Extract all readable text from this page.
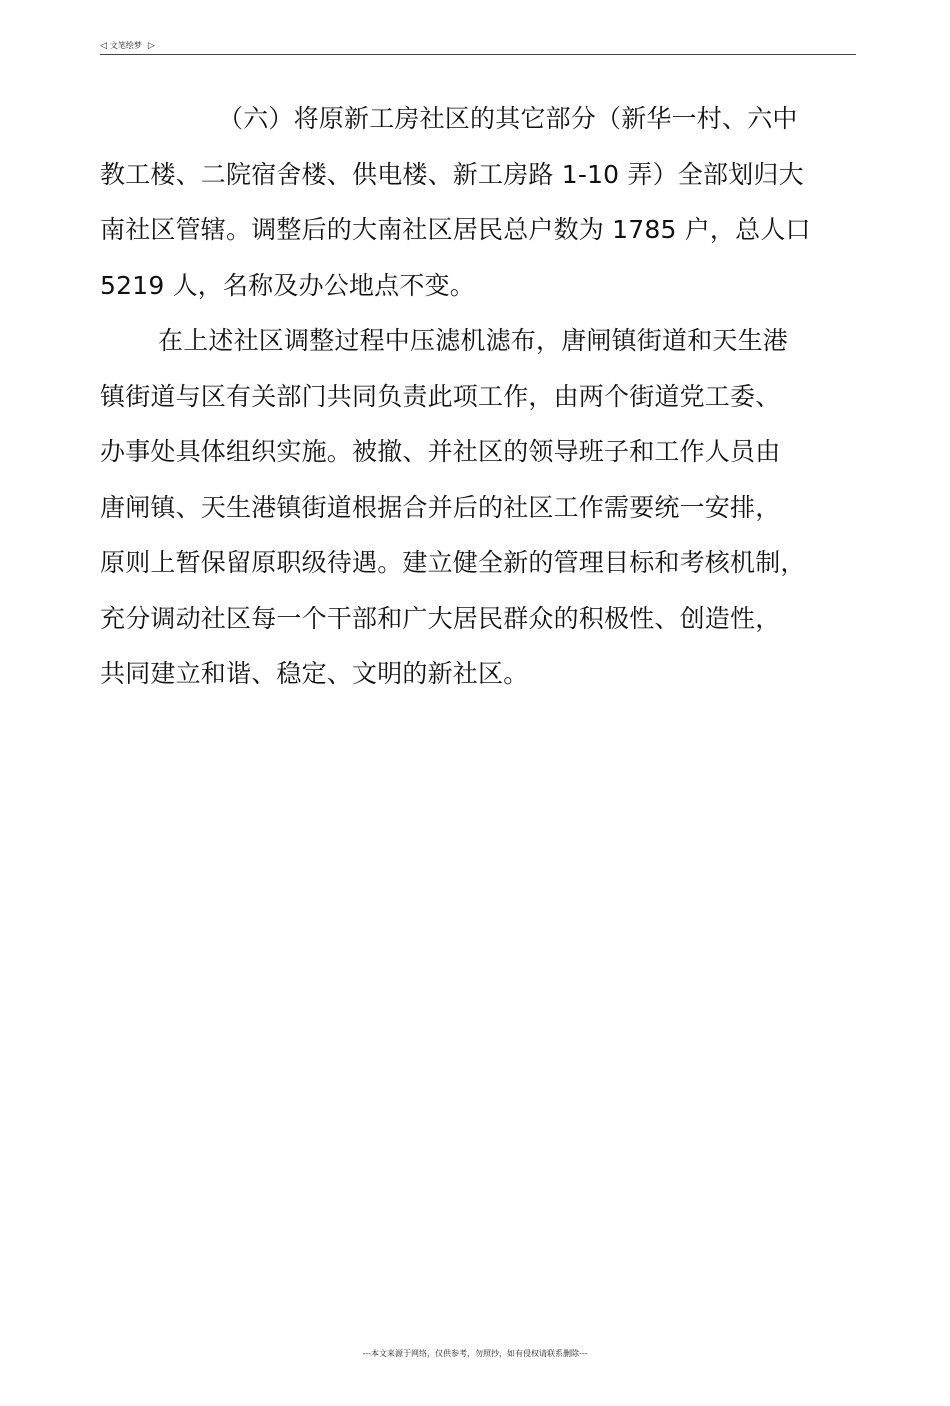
◁ 文笔绘梦 ▷
（六）将原新工房社区的其它部分（新华一村、六中
教工楼、二院宿舍楼、供电楼、新工房路 1-10 弄）全部划归大
南社区管辖。调整后的大南社区居民总户数为 1785 户，总人口
5219 人，名称及办公地点不变。
在上述社区调整过程中压滤机滤布，唐闸镇街道和天生港
镇街道与区有关部门共同负责此项工作，由两个街道党工委、
办事处具体组织实施。被撤、并社区的领导班子和工作人员由
唐闸镇、天生港镇街道根据合并后的社区工作需要统一安排，
原则上暂保留原职级待遇。建立健全新的管理目标和考核机制，
充分调动社区每一个干部和广大居民群众的积极性、创造性，
共同建立和谐、稳定、文明的新社区。
---本文来源于网络，仅供参考，勿照抄，如有侵权请联系删除---
